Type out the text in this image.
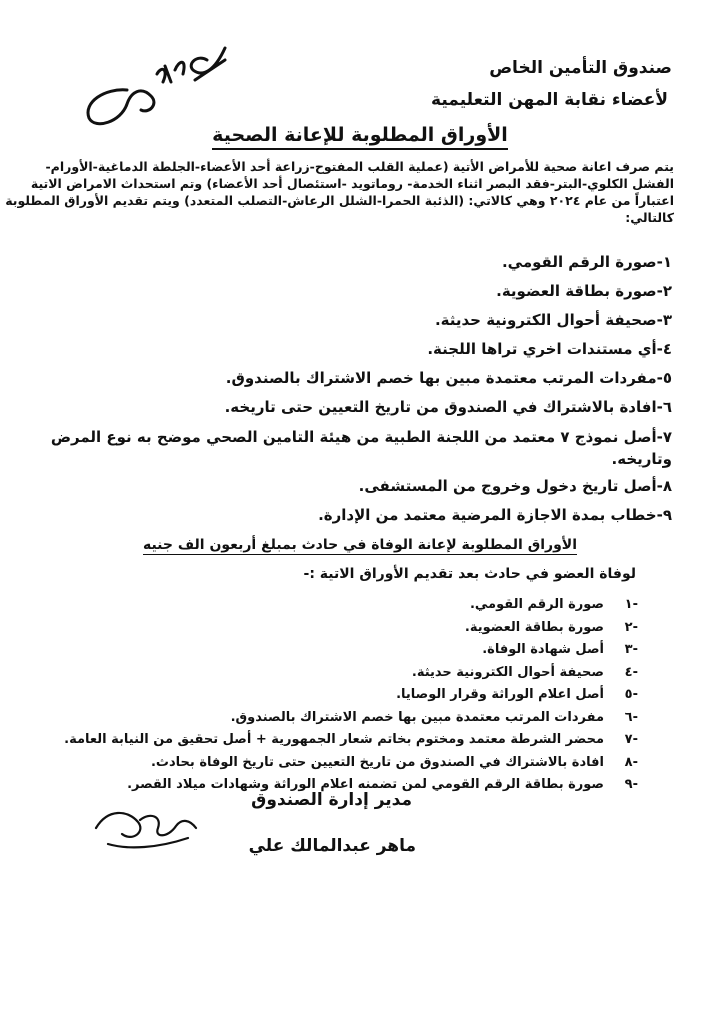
صندوق التأمين الخاص
لأعضاء نقابة المهن التعليمية
الأوراق المطلوبة للإعانة الصحية
يتم صرف اعانة صحية للأمراض الأتية (عملية القلب المفتوح-زراعة أحد الأعضاء-الجلطة الدماغية-الأورام-
الفشل الكلوي-البتر-فقد البصر اثناء الخدمة- روماتويد -استئصال أحد الأعضاء) وتم استحداث الامراض الاتية
اعتباراً من عام ٢٠٢٤ وهي كالاتي: (الذئبة الحمرا-الشلل الرعاش-التصلب المتعدد) ويتم تقديم الأوراق المطلوبة
كالتالي:
١-صورة الرقم القومي.
٢-صورة بطاقة العضوية.
٣-صحيفة أحوال الكترونية حديثة.
٤-أي مستندات اخري تراها اللجنة.
٥-مفردات المرتب معتمدة مبين بها خصم الاشتراك بالصندوق.
٦-افادة بالاشتراك في الصندوق من تاريخ التعيين حتى تاريخه.
٧-أصل نموذج ٧ معتمد من اللجنة الطبية من هيئة التامين الصحي موضح به نوع المرض وتاريخه.
٨-أصل تاريخ دخول وخروج من المستشفى.
٩-خطاب بمدة الاجازة المرضية معتمد من الإدارة.
الأوراق المطلوبة لإعانة الوفاة في حادث بمبلغ أربعون الف جنيه
لوفاة العضو في حادث بعد تقديم الأوراق الاتية :-
-١
صورة الرقم القومي.
-٢
صورة بطاقة العضوية.
-٣
أصل شهادة الوفاة.
-٤
صحيفة أحوال الكترونية حديثة.
-٥
أصل اعلام الوراثة وقرار الوصايا.
-٦
مفردات المرتب معتمدة مبين بها خصم الاشتراك بالصندوق.
-٧
محضر الشرطة معتمد ومختوم بخاتم شعار الجمهورية + أصل تحقيق من النيابة العامة.
-٨
افادة بالاشتراك في الصندوق من تاريخ التعيين حتى تاريخ الوفاة بحادث.
-٩
صورة بطاقة الرقم القومي لمن تضمنه اعلام الوراثة وشهادات ميلاد القصر.
مدير إدارة الصندوق
ماهر عبدالمالك علي
